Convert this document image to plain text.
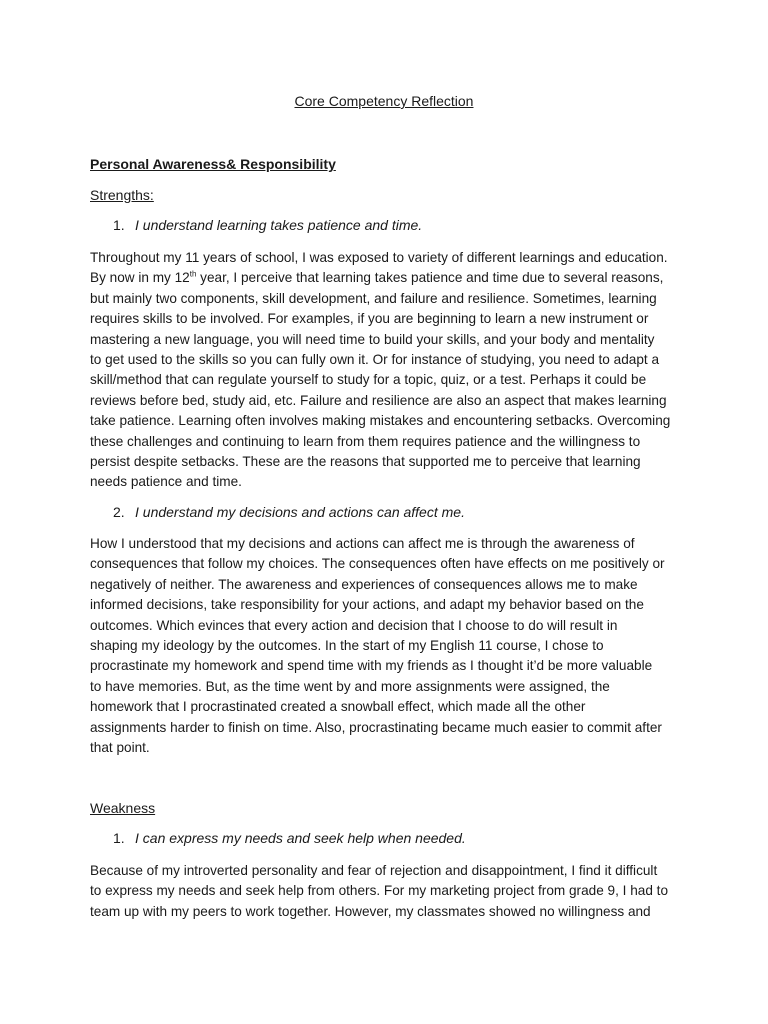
Core Competency Reflection
Personal Awareness& Responsibility
Strengths:
1. I understand learning takes patience and time.
Throughout my 11 years of school, I was exposed to variety of different learnings and education.
By now in my 12th year, I perceive that learning takes patience and time due to several reasons,
but mainly two components, skill development, and failure and resilience. Sometimes, learning
requires skills to be involved. For examples, if you are beginning to learn a new instrument or
mastering a new language, you will need time to build your skills, and your body and mentality
to get used to the skills so you can fully own it. Or for instance of studying, you need to adapt a
skill/method that can regulate yourself to study for a topic, quiz, or a test. Perhaps it could be
reviews before bed, study aid, etc. Failure and resilience are also an aspect that makes learning
take patience. Learning often involves making mistakes and encountering setbacks. Overcoming
these challenges and continuing to learn from them requires patience and the willingness to
persist despite setbacks. These are the reasons that supported me to perceive that learning
needs patience and time.
2. I understand my decisions and actions can affect me.
How I understood that my decisions and actions can affect me is through the awareness of
consequences that follow my choices. The consequences often have effects on me positively or
negatively of neither. The awareness and experiences of consequences allows me to make
informed decisions, take responsibility for your actions, and adapt my behavior based on the
outcomes. Which evinces that every action and decision that I choose to do will result in
shaping my ideology by the outcomes. In the start of my English 11 course, I chose to
procrastinate my homework and spend time with my friends as I thought it’d be more valuable
to have memories. But, as the time went by and more assignments were assigned, the
homework that I procrastinated created a snowball effect, which made all the other
assignments harder to finish on time. Also, procrastinating became much easier to commit after
that point.
Weakness
1. I can express my needs and seek help when needed.
Because of my introverted personality and fear of rejection and disappointment, I find it difficult
to express my needs and seek help from others. For my marketing project from grade 9, I had to
team up with my peers to work together. However, my classmates showed no willingness and
